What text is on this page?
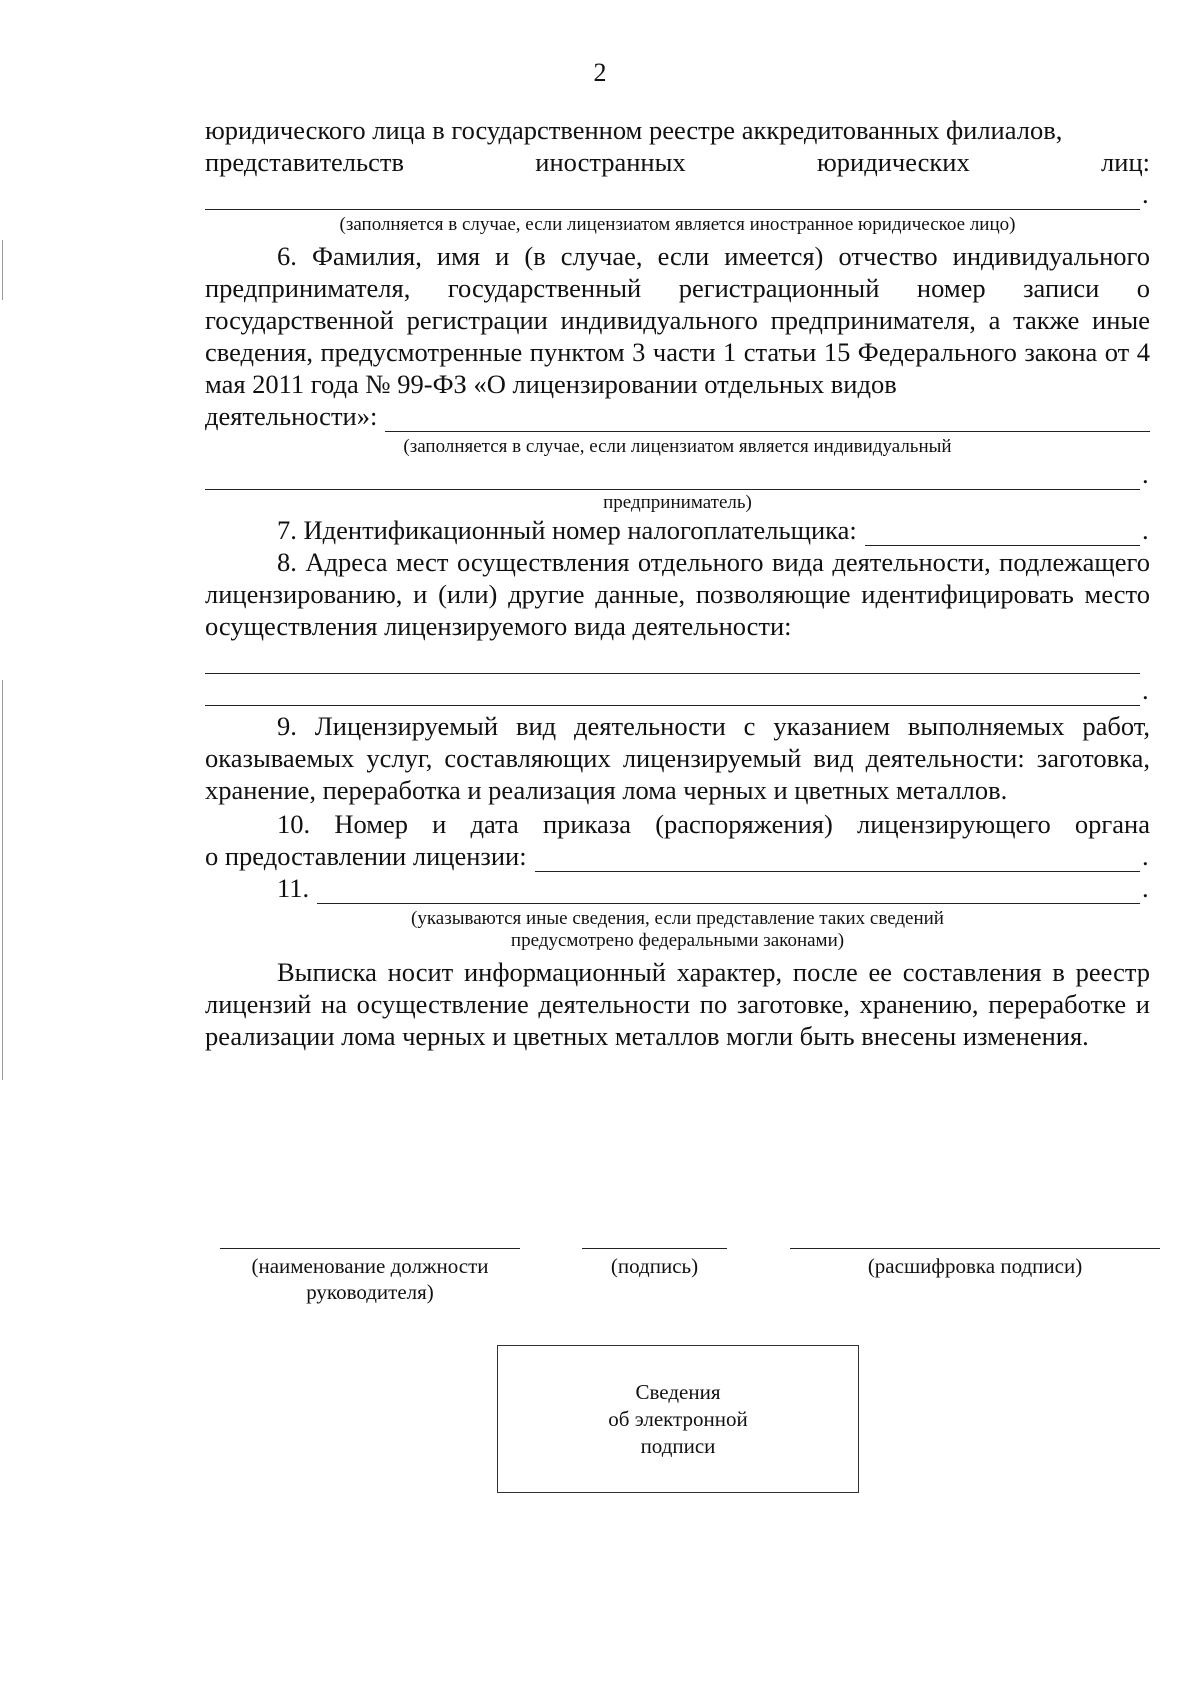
2
юридического лица в государственном реестре аккредитованных филиалов,
представительств иностранных юридических лиц:
.
(заполняется в случае, если лицензиатом является иностранное юридическое лицо)
6. Фамилия, имя и (в случае, если имеется) отчество индивидуального предпринимателя, государственный регистрационный номер записи о государственной регистрации индивидуального предпринимателя, а также иные сведения, предусмотренные пунктом 3 части 1 статьи 15 Федерального закона от 4 мая 2011 года № 99-ФЗ «О лицензировании отдельных видов
деятельности»:
(заполняется в случае, если лицензиатом является индивидуальный
.
предприниматель)
7. Идентификационный номер налогоплательщика:	.
8. Адреса мест осуществления отдельного вида деятельности, подлежащего лицензированию, и (или) другие данные, позволяющие идентифицировать место осуществления лицензируемого вида деятельности:
.
9. Лицензируемый вид деятельности с указанием выполняемых работ, оказываемых услуг, составляющих лицензируемый вид деятельности: заготовка, хранение, переработка и реализация лома черных и цветных металлов.
10. Номер и дата приказа (распоряжения) лицензирующего органа
о предоставлении лицензии:	.
11.	.
(указываются иные сведения, если представление таких сведений
предусмотрено федеральными законами)
Выписка носит информационный характер, после ее составления в реестр лицензий на осуществление деятельности по заготовке, хранению, переработке и реализации лома черных и цветных металлов могли быть внесены изменения.
(наименование должности
руководителя)
(подпись)	(расшифровка подписи)
Сведения
об электронной
подписи
